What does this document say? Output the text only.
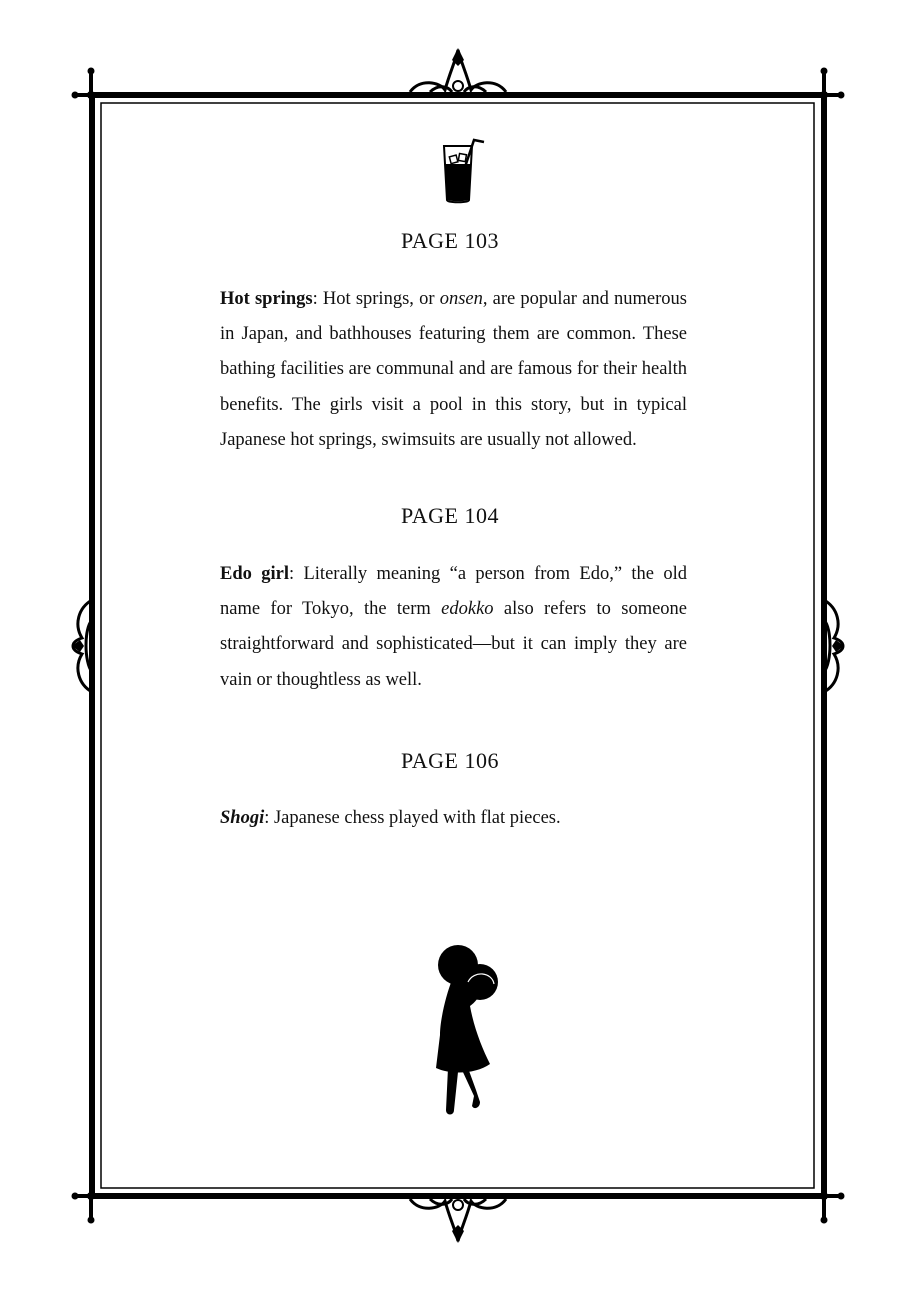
PAGE 103

Hot springs: Hot springs, or onsen, are popular and numerous in Japan, and bathhouses featuring them are common. These bathing facilities are communal and are famous for their health benefits. The girls visit a pool in this story, but in typical Japanese hot springs, swimsuits are usually not allowed.

PAGE 104

Edo girl: Literally meaning “a person from Edo,” the old name for Tokyo, the term edokko also refers to someone straightforward and sophisticated—but it can imply they are vain or thoughtless as well.

PAGE 106

Shogi: Japanese chess played with flat pieces.
